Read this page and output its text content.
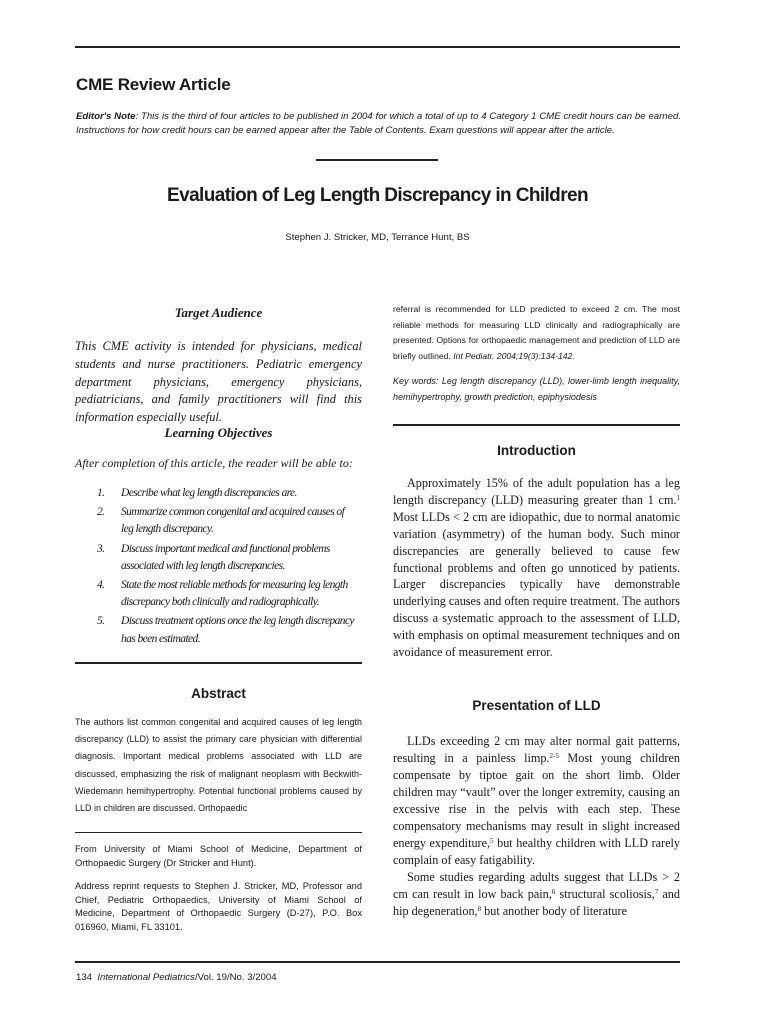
CME Review Article
Editor's Note: This is the third of four articles to be published in 2004 for which a total of up to 4 Category 1 CME credit hours can be earned. Instructions for how credit hours can be earned appear after the Table of Contents. Exam questions will appear after the article.
Evaluation of Leg Length Discrepancy in Children
Stephen J. Stricker, MD, Terrance Hunt, BS
Target Audience
This CME activity is intended for physicians, medical students and nurse practitioners. Pediatric emergency department physicians, emergency physicians, pediatricians, and family practitioners will find this information especially useful.
Learning Objectives
After completion of this article, the reader will be able to:
1. Describe what leg length discrepancies are.
2. Summarize common congenital and acquired causes of leg length discrepancy.
3. Discuss important medical and functional problems associated with leg length discrepancies.
4. State the most reliable methods for measuring leg length discrepancy both clinically and radiographically.
5. Discuss treatment options once the leg length discrepancy has been estimated.
Abstract
The authors list common congenital and acquired causes of leg length discrepancy (LLD) to assist the primary care physician with differential diagnosis. Important medical problems associated with LLD are discussed, emphasizing the risk of malignant neoplasm with Beckwith-Wiedemann hemihypertrophy. Potential functional problems caused by LLD in children are discussed. Orthopaedic
From University of Miami School of Medicine, Department of Orthopaedic Surgery (Dr Stricker and Hunt).
Address reprint requests to Stephen J. Stricker, MD, Professor and Chief, Pediatric Orthopaedics, University of Miami School of Medicine, Department of Orthopaedic Surgery (D-27), P.O. Box 016960, Miami, FL 33101.
referral is recommended for LLD predicted to exceed 2 cm. The most reliable methods for measuring LLD clinically and radiographically are presented. Options for orthopaedic management and prediction of LLD are briefly outlined. Int Pediatr. 2004;19(3):134-142.
Key words: Leg length discrepancy (LLD), lower-limb length inequality, hemihypertrophy, growth prediction, epiphysiodesis
Introduction
Approximately 15% of the adult population has a leg length discrepancy (LLD) measuring greater than 1 cm.$^1$ Most LLDs < 2 cm are idiopathic, due to normal anatomic variation (asymmetry) of the human body. Such minor discrepancies are generally believed to cause few functional problems and often go unnoticed by patients. Larger discrepancies typically have demonstrable underlying causes and often require treatment. The authors discuss a systematic approach to the assessment of LLD, with emphasis on optimal measurement techniques and on avoidance of measurement error.
Presentation of LLD
LLDs exceeding 2 cm may alter normal gait patterns, resulting in a painless limp.$^{2-5}$ Most young children compensate by tiptoe gait on the short limb. Older children may “vault” over the longer extremity, causing an excessive rise in the pelvis with each step. These compensatory mechanisms may result in slight increased energy expenditure,$^5$ but healthy children with LLD rarely complain of easy fatigability.
Some studies regarding adults suggest that LLDs > 2 cm can result in low back pain,$^6$ structural scoliosis,$^7$ and hip degeneration,$^8$ but another body of literature
134 International Pediatrics/Vol. 19/No. 3/2004
